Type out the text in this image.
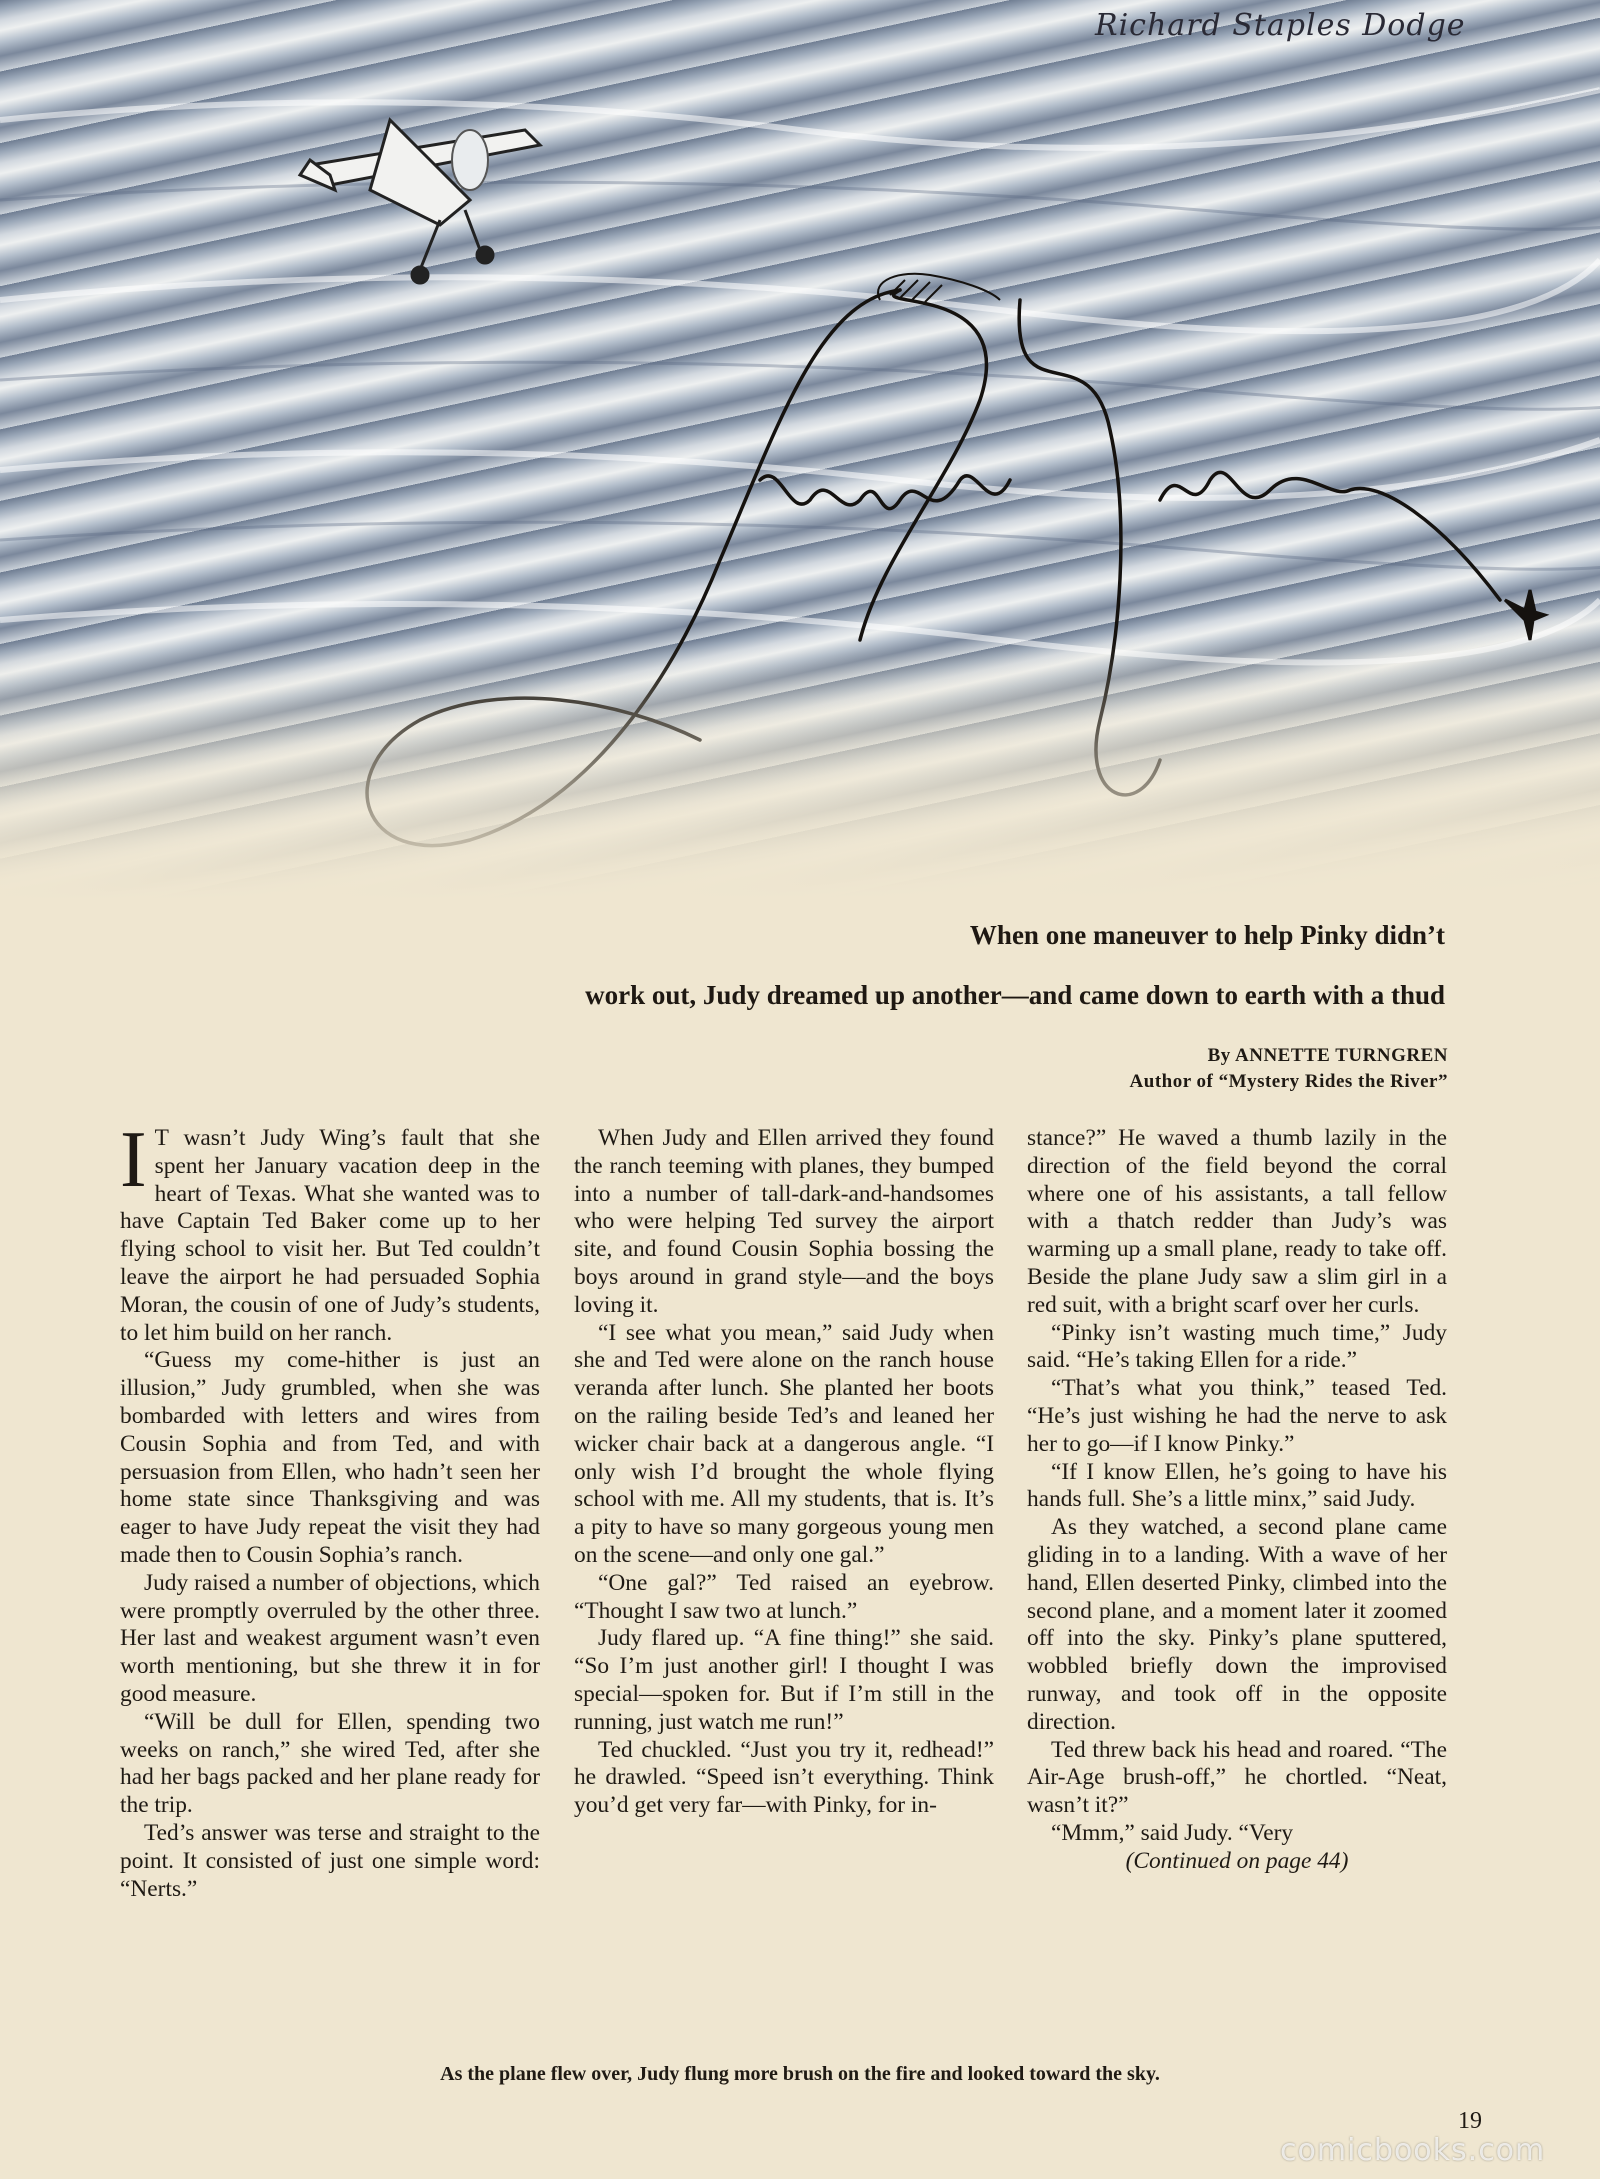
Richard Staples Dodge
When one maneuver to help Pinky didn’t
work out, Judy dreamed up another—and came down to earth with a thud
By ANNETTE TURNGREN
Author of “Mystery Rides the River”

I T wasn’t Judy Wing’s fault that she spent her January vacation deep in the heart of Texas. What she wanted was to have Captain Ted Baker come up to her flying school to visit her. But Ted couldn’t leave the airport he had persuaded Sophia Moran, the cousin of one of Judy’s students, to let him build on her ranch.

“Guess my come-hither is just an illusion,” Judy grumbled, when she was bombarded with letters and wires from Cousin Sophia and from Ted, and with persuasion from Ellen, who hadn’t seen her home state since Thanksgiving and was eager to have Judy repeat the visit they had made then to Cousin Sophia’s ranch.

Judy raised a number of objections, which were promptly overruled by the other three. Her last and weakest argument wasn’t even worth mentioning, but she threw it in for good measure.

“Will be dull for Ellen, spending two weeks on ranch,” she wired Ted, after she had her bags packed and her plane ready for the trip.

Ted’s answer was terse and straight to the point. It consisted of just one simple word: “Nerts.”

When Judy and Ellen arrived they found the ranch teeming with planes, they bumped into a number of tall-dark-and-handsomes who were helping Ted survey the airport site, and found Cousin Sophia bossing the boys around in grand style—and the boys loving it.

“I see what you mean,” said Judy when she and Ted were alone on the ranch house veranda after lunch. She planted her boots on the railing beside Ted’s and leaned her wicker chair back at a dangerous angle. “I only wish I’d brought the whole flying school with me. All my students, that is. It’s a pity to have so many gorgeous young men on the scene—and only one gal.”

“One gal?” Ted raised an eyebrow. “Thought I saw two at lunch.”

Judy flared up. “A fine thing!” she said. “So I’m just another girl! I thought I was special—spoken for. But if I’m still in the running, just watch me run!”

Ted chuckled. “Just you try it, redhead!” he drawled. “Speed isn’t everything. Think you’d get very far—with Pinky, for in-

stance?” He waved a thumb lazily in the direction of the field beyond the corral where one of his assistants, a tall fellow with a thatch redder than Judy’s was warming up a small plane, ready to take off. Beside the plane Judy saw a slim girl in a red suit, with a bright scarf over her curls.

“Pinky isn’t wasting much time,” Judy said. “He’s taking Ellen for a ride.”

“That’s what you think,” teased Ted. “He’s just wishing he had the nerve to ask her to go—if I know Pinky.”

“If I know Ellen, he’s going to have his hands full. She’s a little minx,” said Judy.

As they watched, a second plane came gliding in to a landing. With a wave of her hand, Ellen deserted Pinky, climbed into the second plane, and a moment later it zoomed off into the sky. Pinky’s plane sputtered, wobbled briefly down the improvised runway, and took off in the opposite direction.

Ted threw back his head and roared. “The Air-Age brush-off,” he chortled. “Neat, wasn’t it?”

“Mmm,” said Judy. “Very

(Continued on page 44)
As the plane flew over, Judy flung more brush on the fire and looked toward the sky.
19
comicbooks.com
